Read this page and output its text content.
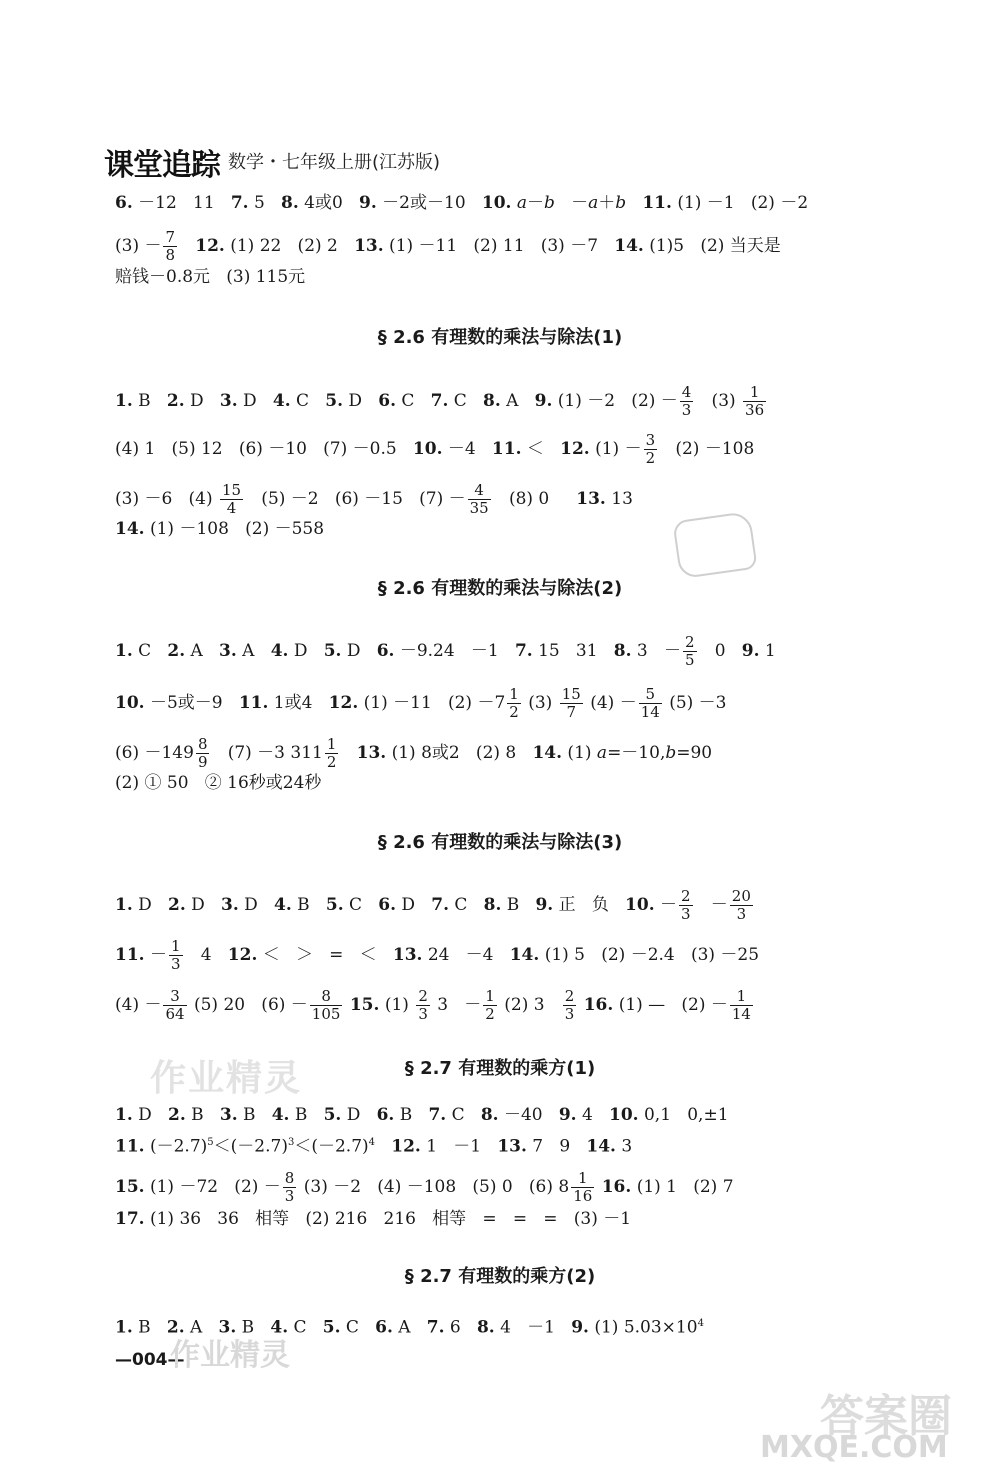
课堂追踪 数学・七年级上册(江苏版)
6. －12   11   7. 5   8. 4或0   9. －2或－10   10. a－b   －a＋b 11. (1) －1   (2) －2
$(3) - \frac{7}{8} 12$. (1) 22   (2) 2   13. (1) －11   (2) 11   (3) －7   14. (1)5   (2) 当天是
赔钱－0.8元   (3) 115元
§ 2.6 有理数的乘法与除法(1)
1. B   2. D   3. D   4. C   5. D   6. C   7. C   8. A   9. (1) －2   $(2) - \frac{4}{3} (3) \frac{1}{36}$
(4) 1   (5) 12   (6) －10   (7) －0.5   10. －4   11. ＜   12. $(1) - \frac{3}{2} (2) -108$
(3) －6   $(4) \frac{15}{4} (5) -2$   (6) －15   $(7) - \frac{4}{35} (8)$ 0     13. 13
14. (1) －108   (2) －558
§ 2.6 有理数的乘法与除法(2)
1. C   2. A   3. A   4. D   5. D   6. －9.24   －1   7. 15   31   8. $3 - \frac{2}{5} 0$   9. 1
10. －5或－9   11. 1或4   12. (1) －11   $(2) -7 \frac{1}{2} (3) \frac{15}{7} (4) - \frac{5}{14} (5) -3$
$(6) -149 \frac{8}{9} (7) -3$ $311 \frac{1}{2} 13$. (1) 8或2   (2) 8   14. (1) a=－10,b=90
(2) ① 50   ② 16秒或24秒
§ 2.6 有理数的乘法与除法(3)
1. D   2. D   3. D   4. B   5. C   6. D   7. C   8. B   9. 正   负   10. － $\frac{2}{3} - \frac{20}{3}$
11. － $\frac{1}{3} 4$   12. ＜   ＞   =   ＜   13. 24   －4   14. (1) 5   (2) －2.4   (3) －25
$(4) - \frac{3}{64} (5)$ 20   $(6) - \frac{8}{105} 15$. $(1) \frac{2}{3} 3 - \frac{1}{2} (2)$ $3 \frac{2}{3} 16$. (1) —   $(2) - \frac{1}{14}$
作业精灵	§ 2.7 有理数的乘方(1)
1. D   2. B   3. B   4. B   5. D   6. B   7. C   8. －40   9. 4   10. 0,1   0,±1
11. $(-2.7)^5<(-2.7)^3<(-2.7)^4$ 12. 1   －1   13. 7   9   14. 3
15. (1) －72   $(2) - \frac{8}{3} (3) -2$   (4) －108   (5) 0   (6) $8 \frac{1}{16} 16$. (1) 1   (2) 7
17. (1) 36   36   相等   (2) 216   216   相等   =   =   =   (3) －1
§ 2.7 有理数的乘方(2)
1. B   2. A   3. B   4. C   5. C   6. A   7. 6   8. 4   －1   9. (1) $5.03\times 10^4$
—004—
作业精灵
答案圈
MXQE.COM
